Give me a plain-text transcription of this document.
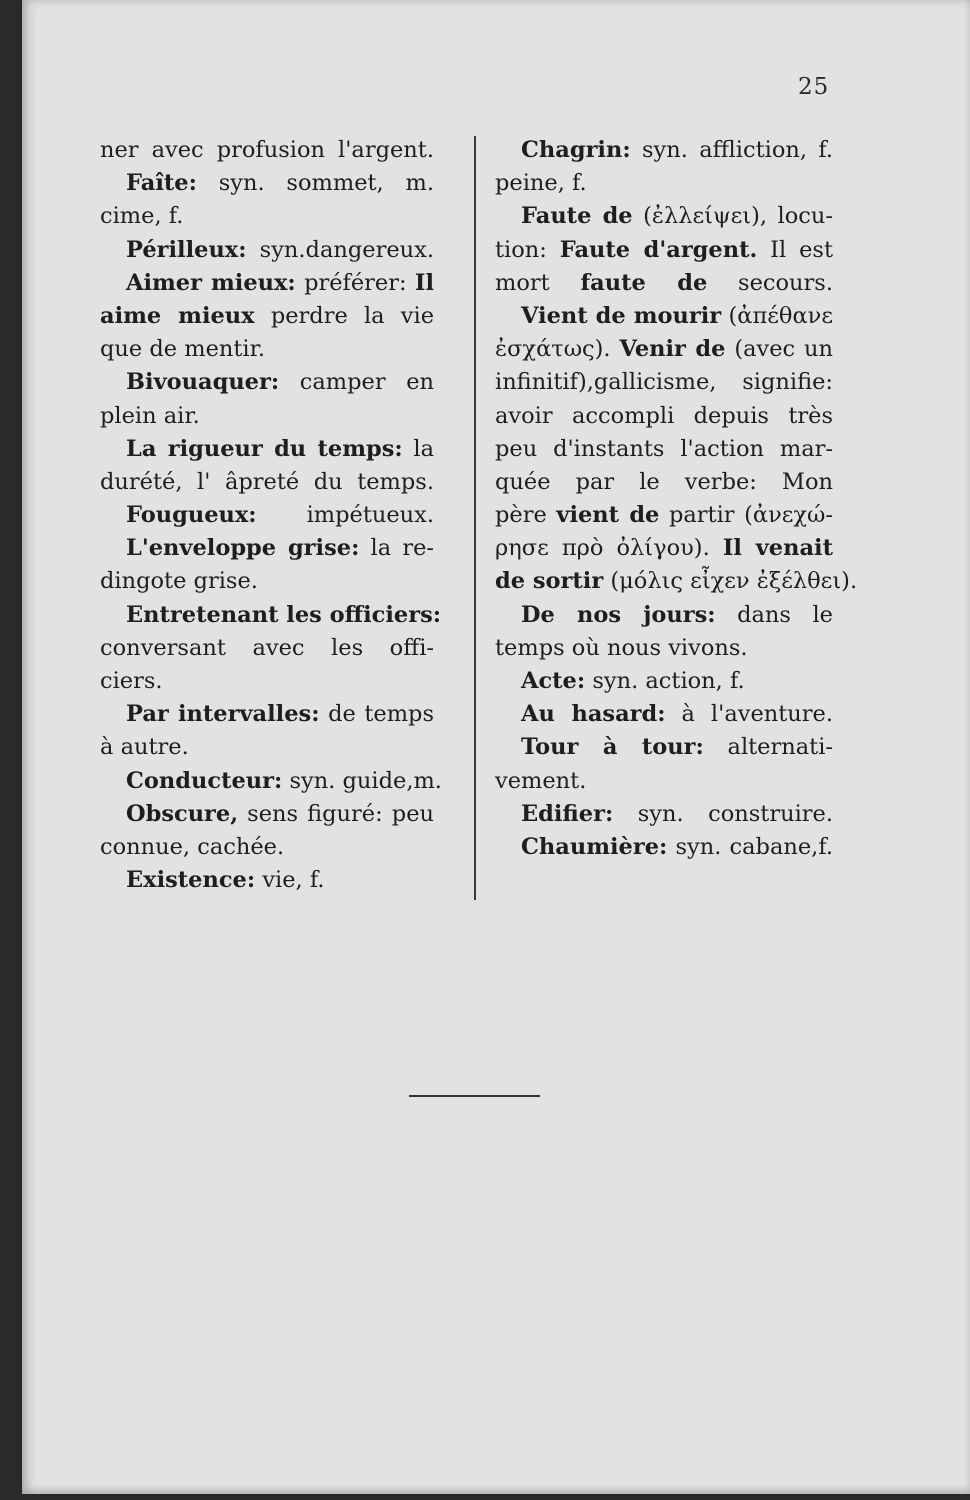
25
ner avec profusion l'argent.
Faîte: syn. sommet, m.
cime, f.
Périlleux: syn.dangereux.
Aimer mieux: préférer: Il
aime mieux perdre la vie
que de mentir.
Bivouaquer: camper en
plein air.
La rigueur du temps: la
durété, l' âpreté du temps.
Fougueux: impétueux.
L'enveloppe grise: la re-
dingote grise.
Entretenant les officiers:
conversant avec les offi-
ciers.
Par intervalles: de temps
à autre.
Conducteur: syn. guide,m.
Obscure, sens figuré: peu
connue, cachée.
Existence: vie, f.
Chagrin: syn. affliction, f.
peine, f.
Faute de (ἐλλείψει), locu-
tion: Faute d'argent. Il est
mort faute de secours.
Vient de mourir (ἀπέθανε
ἐσχάτως). Venir de (avec un
infinitif),gallicisme, signifie:
avoir accompli depuis très
peu d'instants l'action mar-
quée par le verbe: Mon
père vient de partir (ἀνεχώ-
ρησε πρὸ ὀλίγου). Il venait
de sortir (μόλις εἶχεν ἐξέλθει).
De nos jours: dans le
temps où nous vivons.
Acte: syn. action, f.
Au hasard: à l'aventure.
Tour à tour: alternati-
vement.
Edifier: syn. construire.
Chaumière: syn. cabane,f.
